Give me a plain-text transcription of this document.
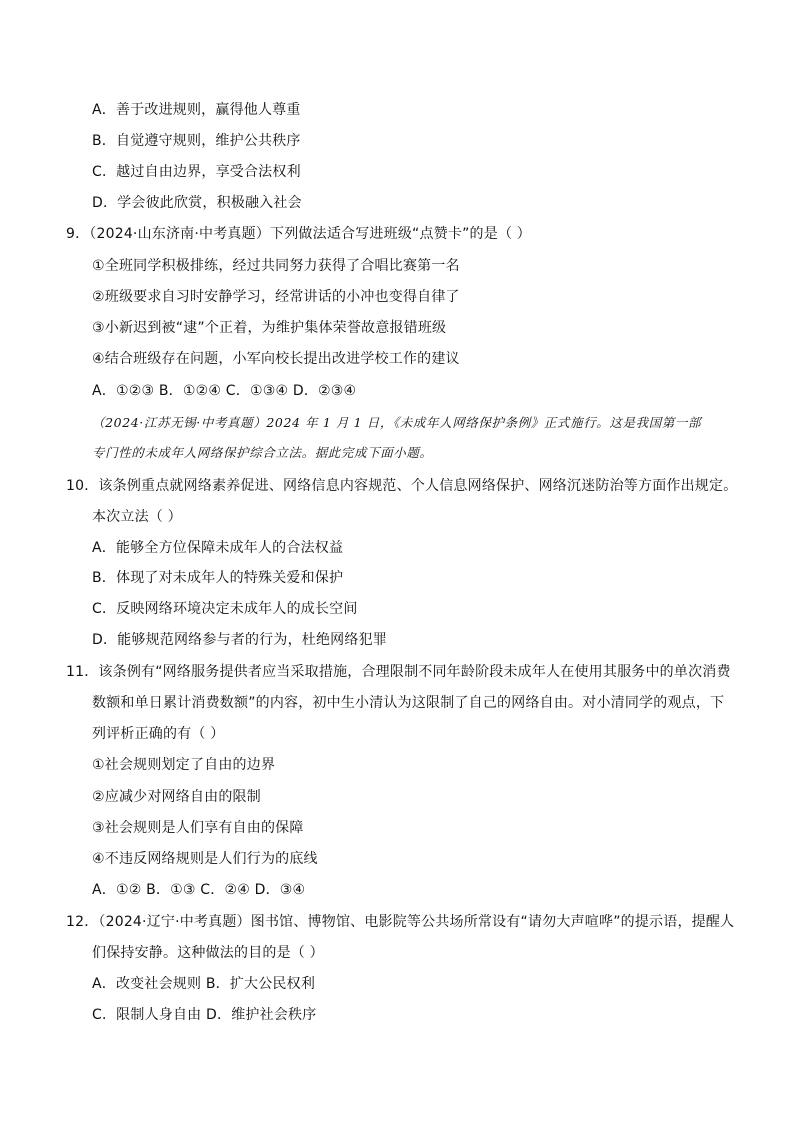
A．善于改进规则，赢得他人尊重
B．自觉遵守规则，维护公共秩序
C．越过自由边界，享受合法权利
D．学会彼此欣赏，积极融入社会
9．（2024·山东济南·中考真题）下列做法适合写进班级“点赞卡”的是（ ）
①全班同学积极排练，经过共同努力获得了合唱比赛第一名
②班级要求自习时安静学习，经常讲话的小冲也变得自律了
③小新迟到被“逮”个正着，为维护集体荣誉故意报错班级
④结合班级存在问题，小军向校长提出改进学校工作的建议
A．①②③ B．①②④ C．①③④ D．②③④
（2024·江苏无锡·中考真题）2024 年 1 月 1 日，《未成年人网络保护条例》正式施行。这是我国第一部
专门性的未成年人网络保护综合立法。据此完成下面小题。
10．该条例重点就网络素养促进、网络信息内容规范、个人信息网络保护、网络沉迷防治等方面作出规定。
本次立法（ ）
A．能够全方位保障未成年人的合法权益
B．体现了对未成年人的特殊关爱和保护
C．反映网络环境决定未成年人的成长空间
D．能够规范网络参与者的行为，杜绝网络犯罪
11．该条例有“网络服务提供者应当采取措施，合理限制不同年龄阶段未成年人在使用其服务中的单次消费
数额和单日累计消费数额”的内容，初中生小清认为这限制了自己的网络自由。对小清同学的观点，下
列评析正确的有（ ）
①社会规则划定了自由的边界
②应减少对网络自由的限制
③社会规则是人们享有自由的保障
④不违反网络规则是人们行为的底线
A．①② B．①③ C．②④ D．③④
12．（2024·辽宁·中考真题）图书馆、博物馆、电影院等公共场所常设有“请勿大声喧哗”的提示语，提醒人
们保持安静。这种做法的目的是（ ）
A．改变社会规则 B．扩大公民权利
C．限制人身自由 D．维护社会秩序
